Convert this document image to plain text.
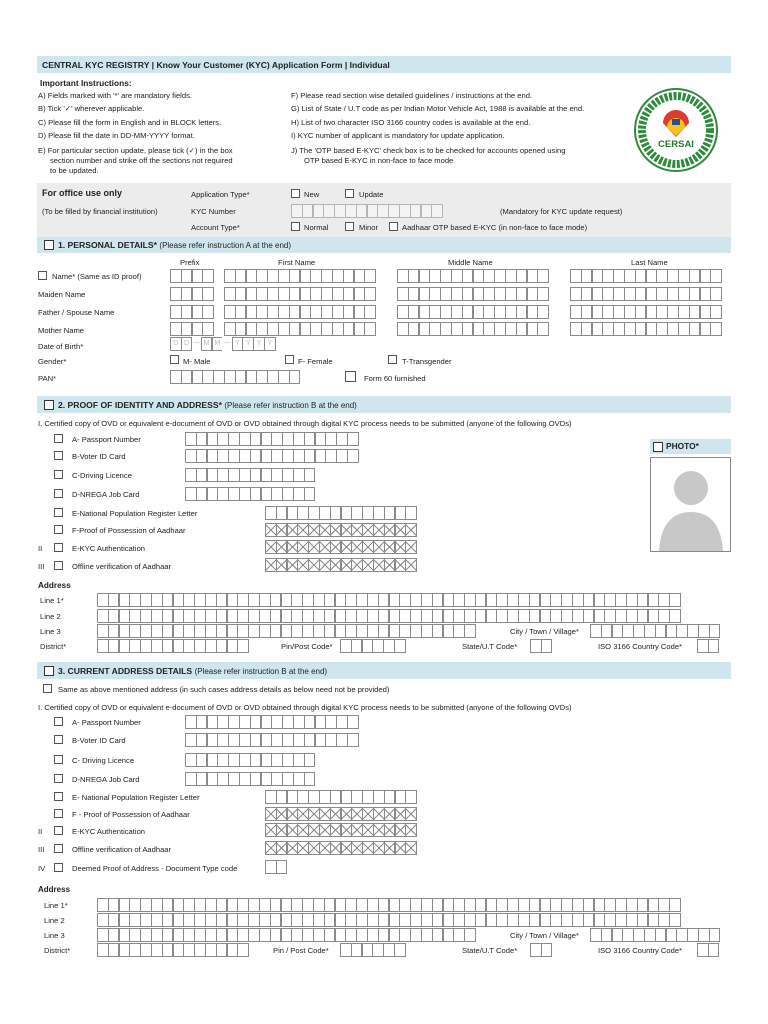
CENTRAL KYC REGISTRY | Know Your Customer (KYC) Application Form | Individual
Important Instructions:
A) Fields marked with '*' are mandatory fields.
B) Tick '✓' wherever applicable.
C) Please fill the form in English and in BLOCK letters.
D) Please fill the date in DD-MM-YYYY format.
E) For particular section update, please tick (✓) in the box
section number and strike off the sections not required
to be updated.
F) Please read section wise detailed guidelines / instructions at the end.
G) List of State / U.T code as per Indian Motor Vehicle Act, 1988 is available at the end.
H) List of two character ISO 3166 country codes is available at the end.
I) KYC number of applicant is mandatory for update application.
J) The 'OTP based E-KYC' check box is to be checked for accounts opened using
OTP based E-KYC in non-face to face mode
CERSAI
For office use only
(To be filled by financial institution)
Application Type*	New	Update
KYC Number	(Mandatory for KYC update request)
Account Type*	Normal	Minor	Aadhaar OTP based E-KYC (in non-face to face mode)
1. PERSONAL DETAILS* (Please refer instruction A at the end)
Prefix	First Name	Middle Name	Last Name
Name* (Same as ID proof)
Maiden Name
Father / Spouse Name
Mother Name
Date of Birth*	D D — M M — Y Y Y Y
Gender*	M- Male	F- Female	T-Transgender
PAN*	Form 60 furnished
2. PROOF OF IDENTITY AND ADDRESS* (Please refer instruction B at the end)
I. Certified copy of OVD or equivalent e-document of OVD or OVD obtained through digital KYC process needs to be submitted (anyone of the following OVDs)
II
III
PHOTO*
Address
3. CURRENT ADDRESS DETAILS (Please refer instruction B at the end)
Same as above mentioned address (in such cases address details as below need not be provided)
I. Certified copy of OVD or equivalent e-document of OVD or OVD obtained through digital KYC process needs to be submitted (anyone of the following OVDs)
II
III
IV
Address
A- Passport Number
B-Voter ID Card
C-Driving Licence
D-NREGA Job Card
E-National Population Register Letter
F-Proof of Possession of Aadhaar
E-KYC Authentication
Offline verification of Aadhaar
Line 1*
Line 2
Line 3	City / Town / Village*
District*	Pin/Post Code*	State/U.T Code*	ISO 3166 Country Code*
A- Passport Number
B-Voter ID Card
C- Driving Licence
D-NREGA Job Card
E- National Population Register Letter
F - Proof of Possession of Aadhaar
E-KYC Authentication
Offline verification of Aadhaar
Deemed Proof of Address - Document Type code
Line 1*
Line 2
Line 3	City / Town / Village*
District*	Pin / Post Code*	State/U.T Code*	ISO 3166 Country Code*
